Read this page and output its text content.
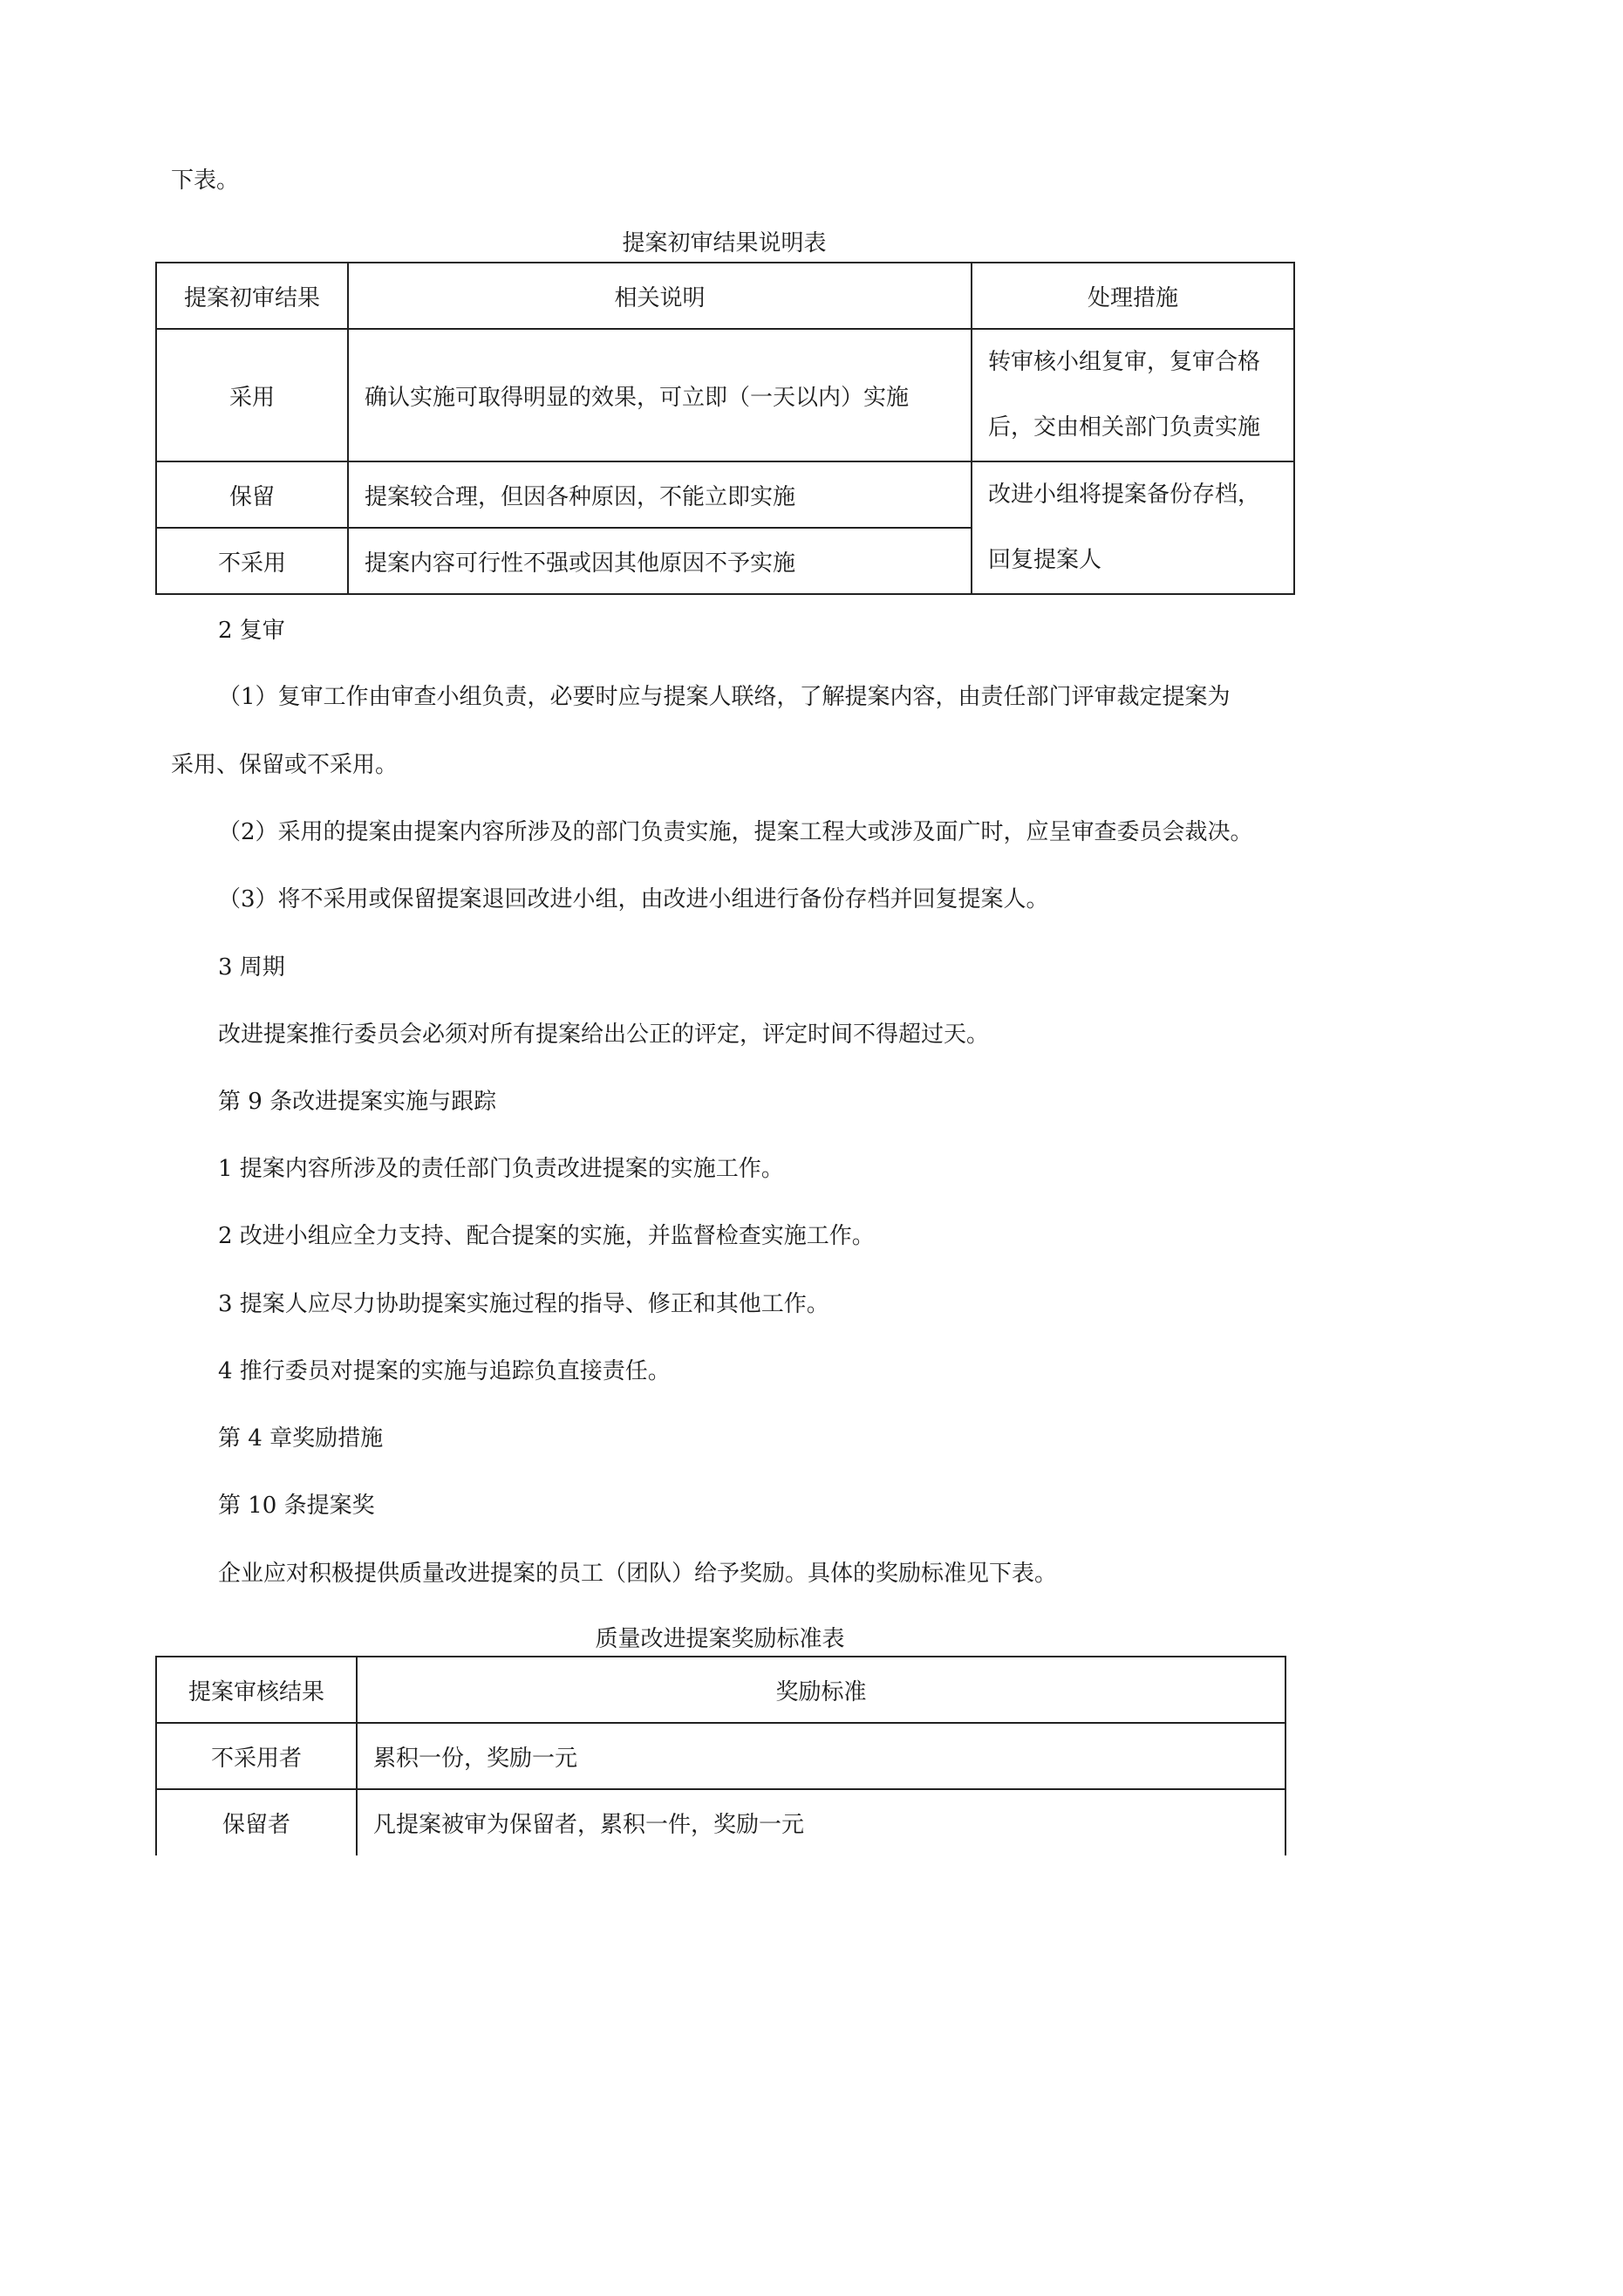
下表。
提案初审结果说明表
提案初审结果	相关说明	处理措施
采用	确认实施可取得明显的效果，可立即（一天以内）实施	转审核小组复审，复审合格
后，交由相关部门负责实施
保留	提案较合理，但因各种原因，不能立即实施	改进小组将提案备份存档，
回复提案人
不采用	提案内容可行性不强或因其他原因不予实施	
2 复审
（1）复审工作由审查小组负责，必要时应与提案人联络，了解提案内容，由责任部门评审裁定提案为
采用、保留或不采用。
（2）采用的提案由提案内容所涉及的部门负责实施，提案工程大或涉及面广时，应呈审查委员会裁决。
（3）将不采用或保留提案退回改进小组，由改进小组进行备份存档并回复提案人。
3 周期
改进提案推行委员会必须对所有提案给出公正的评定，评定时间不得超过天。
第 9 条改进提案实施与跟踪
1 提案内容所涉及的责任部门负责改进提案的实施工作。
2 改进小组应全力支持、配合提案的实施，并监督检查实施工作。
3 提案人应尽力协助提案实施过程的指导、修正和其他工作。
4 推行委员对提案的实施与追踪负直接责任。
第 4 章奖励措施
第 10 条提案奖
企业应对积极提供质量改进提案的员工（团队）给予奖励。具体的奖励标准见下表。
质量改进提案奖励标准表
提案审核结果	奖励标准
不采用者	累积一份，奖励一元
保留者	凡提案被审为保留者，累积一件，奖励一元
